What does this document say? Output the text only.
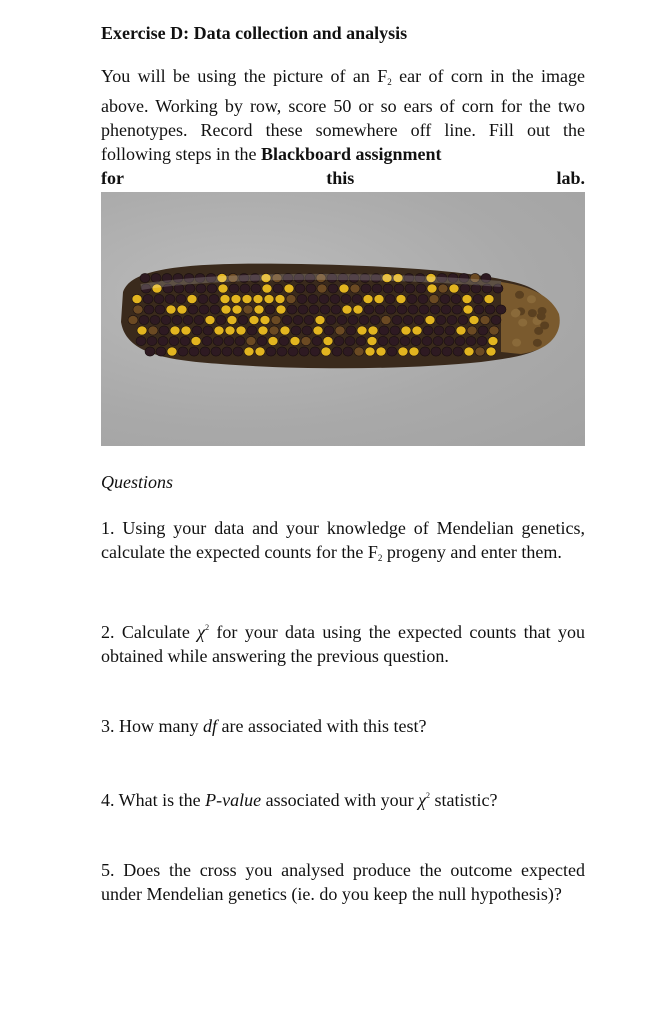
Exercise D: Data collection and analysis

You will be using the picture of an $F_2$ ear of corn in the image above. Working by row, score 50 or so ears of corn for the two phenotypes. Record these somewhere off line. Fill out the following steps in the Blackboard assignment

for	this	lab.

Questions

1. Using your data and your knowledge of Mendelian genetics, calculate the expected counts for the $F_2$ progeny and enter them.

2. Calculate $\chi^2$ for your data using the expected counts that you obtained while answering the previous question.

3. How many df are associated with this test?

4. What is the P-value associated with your $\chi^2$ statistic?

5. Does the cross you analysed produce the outcome expected under Mendelian genetics (ie. do you keep the null hypothesis)?
